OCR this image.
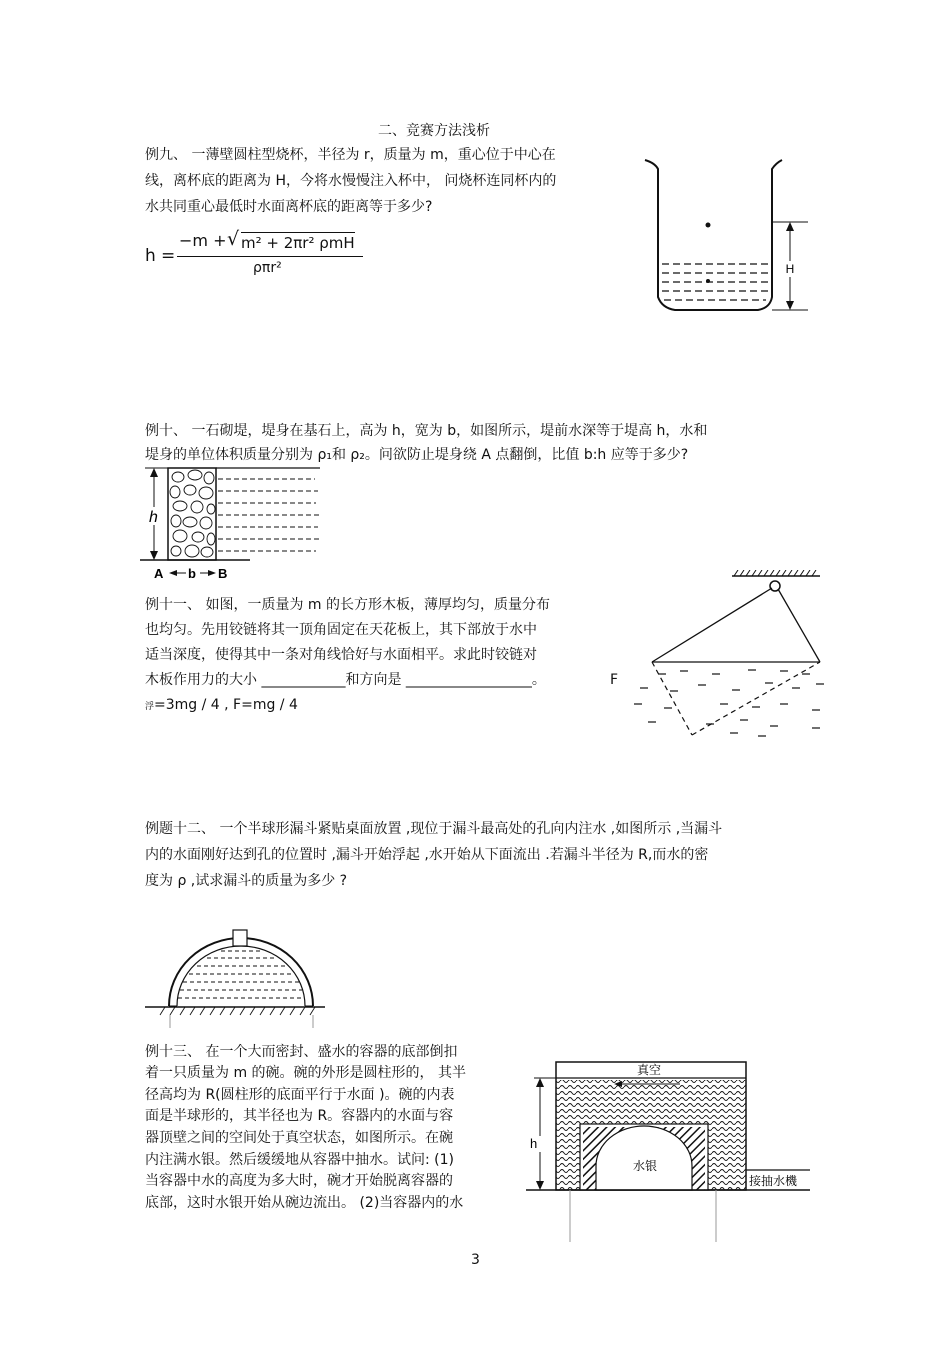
二、竞赛方法浅析
例九、 一薄壁圆柱型烧杯，半径为 r，质量为 m，重心位于中心在
线，离杯底的距离为 H，今将水慢慢注入杯中， 问烧杯连同杯内的
水共同重心最低时水面离杯底的距离等于多少?
h =
−m + √ m² + 2πr² ρmH
ρπr²	H
例十、 一石砌堤，堤身在基石上，高为 h，宽为 b，如图所示，堤前水深等于堤高 h，水和
堤身的单位体积质量分别为 ρ₁和 ρ₂。问欲防止堤身绕 A 点翻倒，比值 b:h 应等于多少?
h
A b B
例十一、 如图，一质量为 m 的长方形木板，薄厚均匀，质量分布
也均匀。先用铰链将其一顶角固定在天花板上，其下部放于水中
适当深度，使得其中一条对角线恰好与水面相平。求此时铰链对
木板作用力的大小 ____________和方向是 __________________。	F
浮=3mg / 4 , F=mg / 4
例题十二、 一个半球形漏斗紧贴桌面放置 ,现位于漏斗最高处的孔向内注水 ,如图所示 ,当漏斗
内的水面刚好达到孔的位置时 ,漏斗开始浮起 ,水开始从下面流出 .若漏斗半径为 R,而水的密
度为 ρ ,试求漏斗的质量为多少 ?
例十三、 在一个大而密封、盛水的容器的底部倒扣
着一只质量为 m 的碗。碗的外形是圆柱形的， 其半
径高均为 R(圆柱形的底面平行于水面 )。碗的内表
面是半球形的，其半径也为 R。容器内的水面与容
器顶壁之间的空间处于真空状态，如图所示。在碗
内注满水银。然后缓缓地从容器中抽水。试问: (1)
当容器中水的高度为多大时，碗才开始脱离容器的
底部，这时水银开始从碗边流出。 (2)当容器内的水
真空
水银
接抽水機
h
3
